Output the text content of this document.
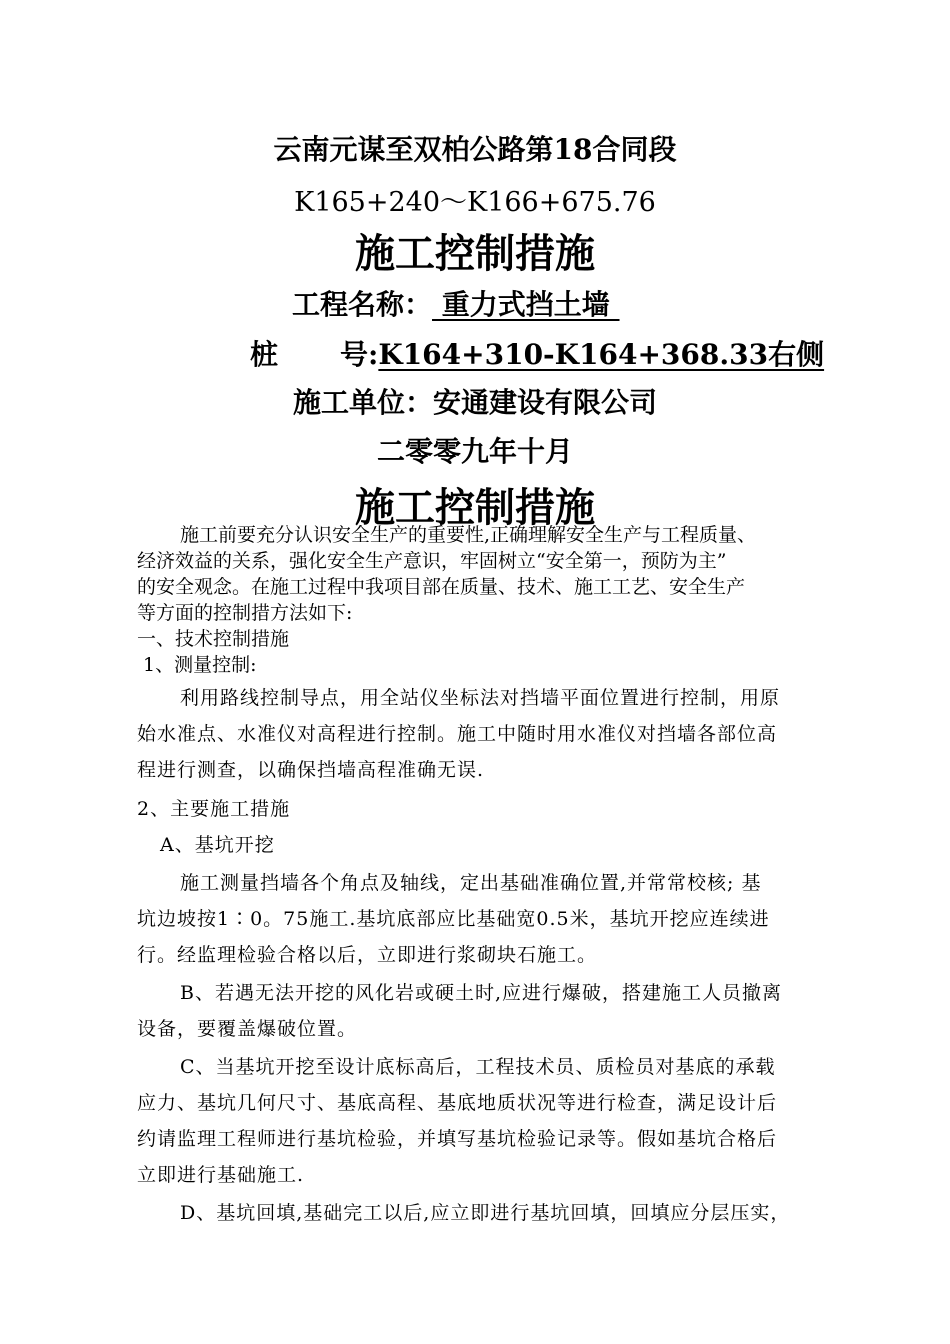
云南元谋至双柏公路第18合同段
K165+240～K166+675.76
施工控制措施
工程名称： 重力式挡土墙
桩 号:K164+310-K164+368.33右侧
施工单位：安通建设有限公司
二零零九年十月
施工控制措施
施工前要充分认识安全生产的重要性,正确理解安全生产与工程质量、
经济效益的关系，强化安全生产意识，牢固树立“安全第一，预防为主”
的安全观念。在施工过程中我项目部在质量、技术、施工工艺、安全生产
等方面的控制措方法如下:
一、技术控制措施
1、测量控制:
利用路线控制导点，用全站仪坐标法对挡墙平面位置进行控制，用原
始水准点、水准仪对高程进行控制。施工中随时用水准仪对挡墙各部位高
程进行测查，以确保挡墙高程准确无误.
2、主要施工措施
A、基坑开挖
施工测量挡墙各个角点及轴线，定出基础准确位置,并常常校核; 基
坑边坡按1∶0。75施工.基坑底部应比基础宽0.5米，基坑开挖应连续进
行。经监理检验合格以后，立即进行浆砌块石施工。
B、若遇无法开挖的风化岩或硬土时,应进行爆破，搭建施工人员撤离
设备，要覆盖爆破位置。
C、当基坑开挖至设计底标高后，工程技术员、质检员对基底的承载
应力、基坑几何尺寸、基底高程、基底地质状况等进行检查，满足设计后
约请监理工程师进行基坑检验，并填写基坑检验记录等。假如基坑合格后
立即进行基础施工.
D、基坑回填,基础完工以后,应立即进行基坑回填，回填应分层压实，
